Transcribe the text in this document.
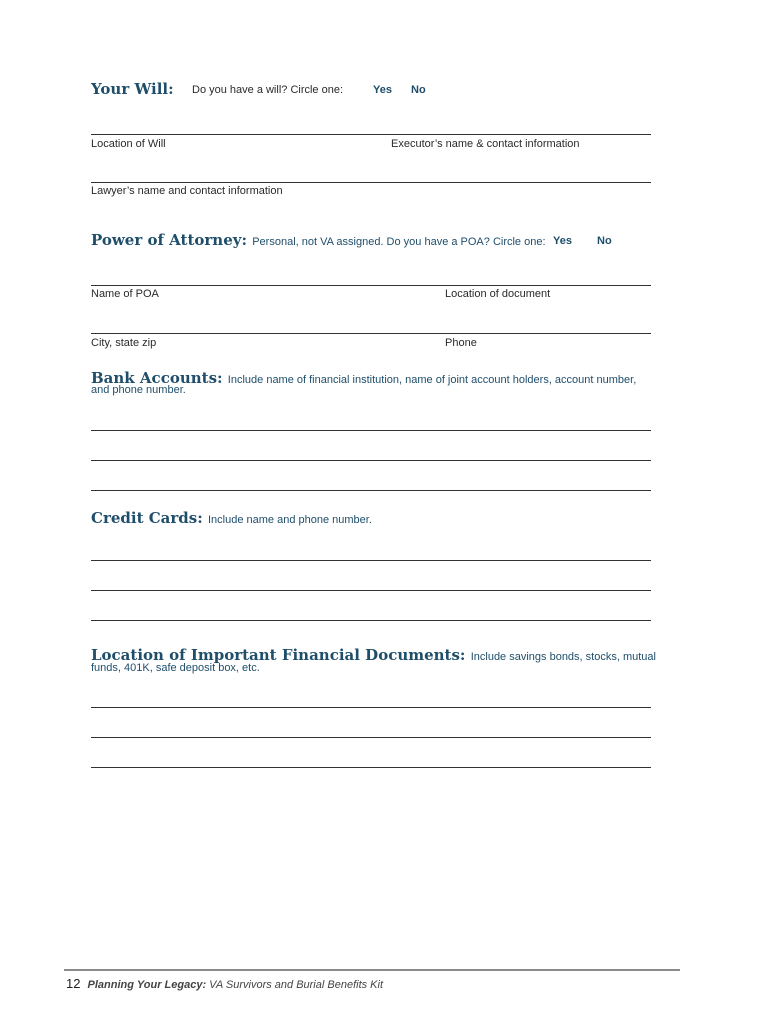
Your Will: Do you have a will? Circle one:	Yes No
Location of Will	Executor’s name & contact information
Lawyer’s name and contact information
Power of Attorney: Personal, not VA assigned. Do you have a POA? Circle one: Yes No
Name of POA	Location of document
City, state zip	Phone
Bank Accounts: Include name of financial institution, name of joint account holders, account number,
and phone number.
Credit Cards: Include name and phone number.
Location of Important Financial Documents: Include savings bonds, stocks, mutual
funds, 401K, safe deposit box, etc.
12 Planning Your Legacy: VA Survivors and Burial Benefits Kit
